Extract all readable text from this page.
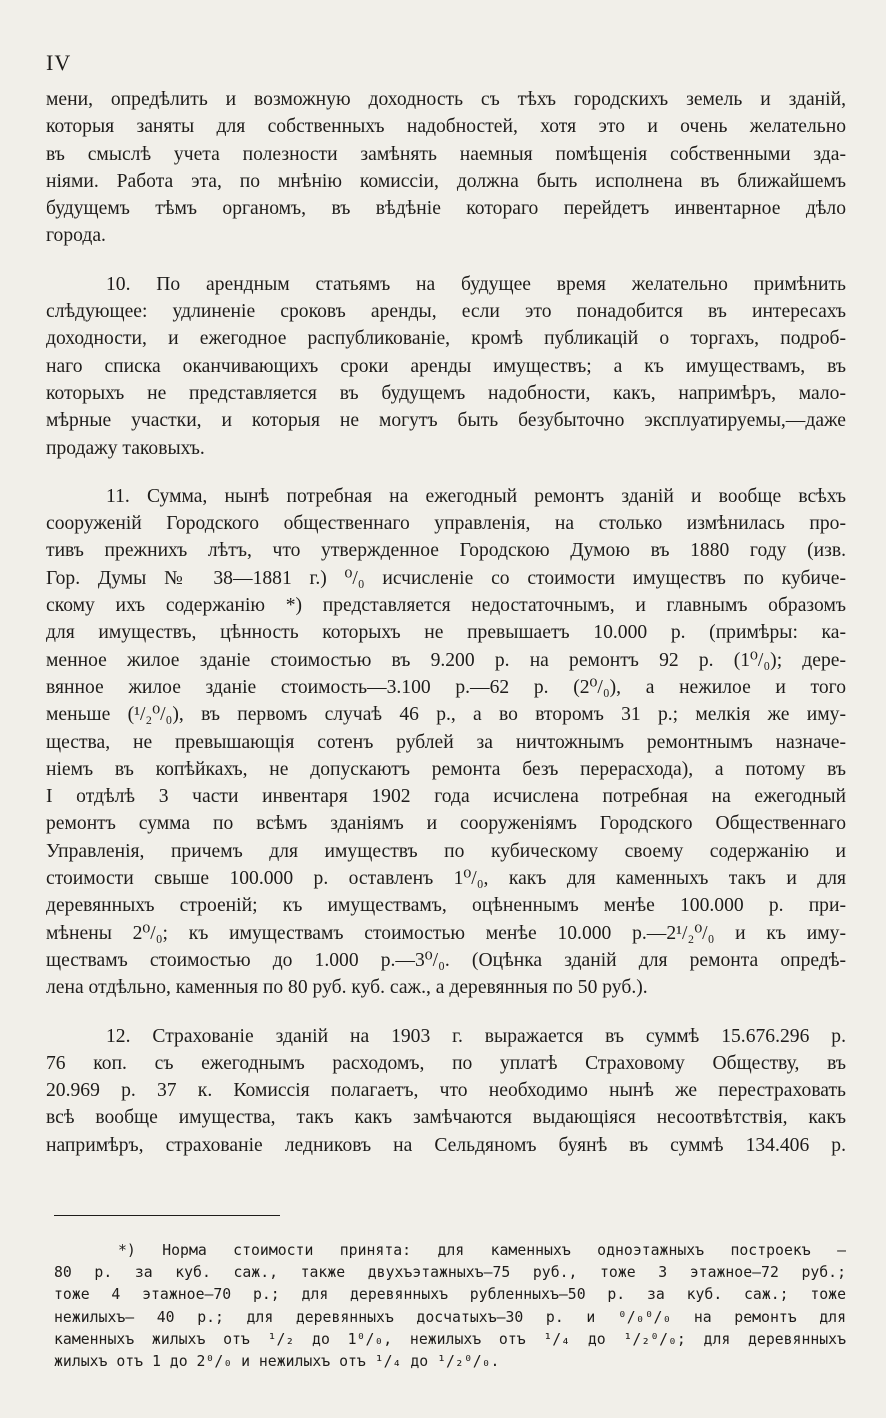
IV
мени, опредѣлить и возможную доходность съ тѣхъ городскихъ земель и зданій,
которыя заняты для собственныхъ надобностей, хотя это и очень желательно
въ смыслѣ учета полезности замѣнять наемныя помѣщенія собственными зда-
ніями. Работа эта, по мнѣнію комиссіи, должна быть исполнена въ ближайшемъ
будущемъ тѣмъ органомъ, въ вѣдѣніе котораго перейдетъ инвентарное дѣло
города.
10. По арендным статьямъ на будущее время желательно примѣнить
слѣдующее: удлиненіе сроковъ аренды, если это понадобится въ интересахъ
доходности, и ежегодное распубликованіе, кромѣ публикацій о торгахъ, подроб-
наго списка оканчивающихъ сроки аренды имуществъ; а къ имуществамъ, въ
которыхъ не представляется въ будущемъ надобности, какъ, напримѣръ, мало-
мѣрные участки, и которыя не могутъ быть безубыточно эксплуатируемы,—даже
продажу таковыхъ.
11. Сумма, нынѣ потребная на ежегодный ремонтъ зданій и вообще всѣхъ
сооруженій Городского общественнаго управленія, на столько измѣнилась про-
тивъ прежнихъ лѣтъ, что утвержденное Городскою Думою въ 1880 году (изв.
Гор. Думы № 38—1881 г.) ⁰/₀ исчисленіе со стоимости имуществъ по кубиче-
скому ихъ содержанію *) представляется недостаточнымъ, и главнымъ образомъ
для имуществъ, цѣнность которыхъ не превышаетъ 10.000 р. (примѣры: ка-
менное жилое зданіе стоимостью въ 9.200 р. на ремонтъ 92 р. (1⁰/₀); дере-
вянное жилое зданіе стоимость—3.100 р.—62 р. (2⁰/₀), а нежилое и того
меньше (¹/₂⁰/₀), въ первомъ случаѣ 46 р., а во второмъ 31 р.; мелкія же иму-
щества, не превышающія сотенъ рублей за ничтожнымъ ремонтнымъ назначе-
ніемъ въ копѣйкахъ, не допускаютъ ремонта безъ перерасхода), а потому въ
I отдѣлѣ 3 части инвентаря 1902 года исчислена потребная на ежегодный
ремонтъ сумма по всѣмъ зданіямъ и сооруженіямъ Городского Общественнаго
Управленія, причемъ для имуществъ по кубическому своему содержанію и
стоимости свыше 100.000 р. оставленъ 1⁰/₀, какъ для каменныхъ такъ и для
деревянныхъ строеній; къ имуществамъ, оцѣненнымъ менѣе 100.000 р. при-
мѣнены 2⁰/₀; къ имуществамъ стоимостью менѣе 10.000 р.—2¹/₂⁰/₀ и къ иму-
ществамъ стоимостью до 1.000 р.—3⁰/₀. (Оцѣнка зданій для ремонта опредѣ-
лена отдѣльно, каменныя по 80 руб. куб. саж., а деревянныя по 50 руб.).
12. Страхованіе зданій на 1903 г. выражается въ суммѣ 15.676.296 р.
76 коп. съ ежегоднымъ расходомъ, по уплатѣ Страховому Обществу, въ
20.969 р. 37 к. Комиссія полагаетъ, что необходимо нынѣ же перестраховать
всѣ вообще имущества, такъ какъ замѣчаются выдающіяся несоотвѣтствія, какъ
напримѣръ, страхованіе ледниковъ на Сельдяномъ буянѣ въ суммѣ 134.406 р.
*) Норма стоимости принята: для каменныхъ одноэтажныхъ построекъ —
80 р. за куб. саж., также двухъэтажныхъ—75 руб., тоже 3 этажное—72 руб.;
тоже 4 этажное—70 р.; для деревянныхъ рубленныхъ—50 р. за куб. саж.; тоже
нежилыхъ— 40 р.; для деревянныхъ досчатыхъ—30 р. и ⁰/₀⁰/₀ на ремонтъ для
каменныхъ жилыхъ отъ ¹/₂ до 1⁰/₀, нежилыхъ отъ ¹/₄ до ¹/₂⁰/₀; для деревянныхъ
жилыхъ отъ 1 до 2⁰/₀ и нежилыхъ отъ ¹/₄ до ¹/₂⁰/₀.
